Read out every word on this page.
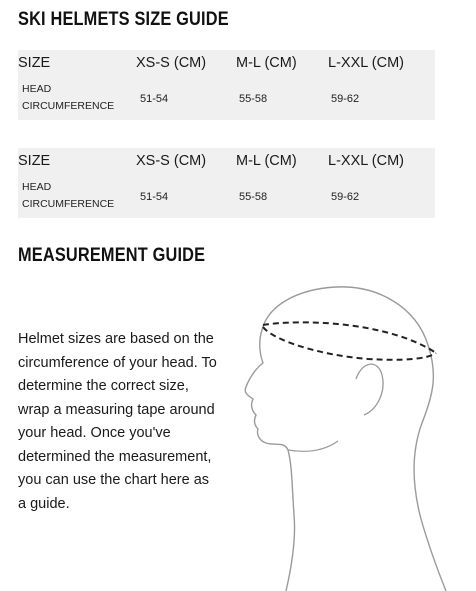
SKI HELMETS SIZE GUIDE
SIZE	XS-S (CM) M-L (CM) L-XXL (CM)
HEAD
CIRCUMFERENCE
51-54	55-58	59-62
SIZE	XS-S (CM) M-L (CM) L-XXL (CM)
HEAD
CIRCUMFERENCE
51-54	55-58	59-62
MEASUREMENT GUIDE

Helmet sizes are based on the circumference of your head. To determine the correct size, wrap a measuring tape around your head. Once you've determined the measurement, you can use the chart here as a guide.
